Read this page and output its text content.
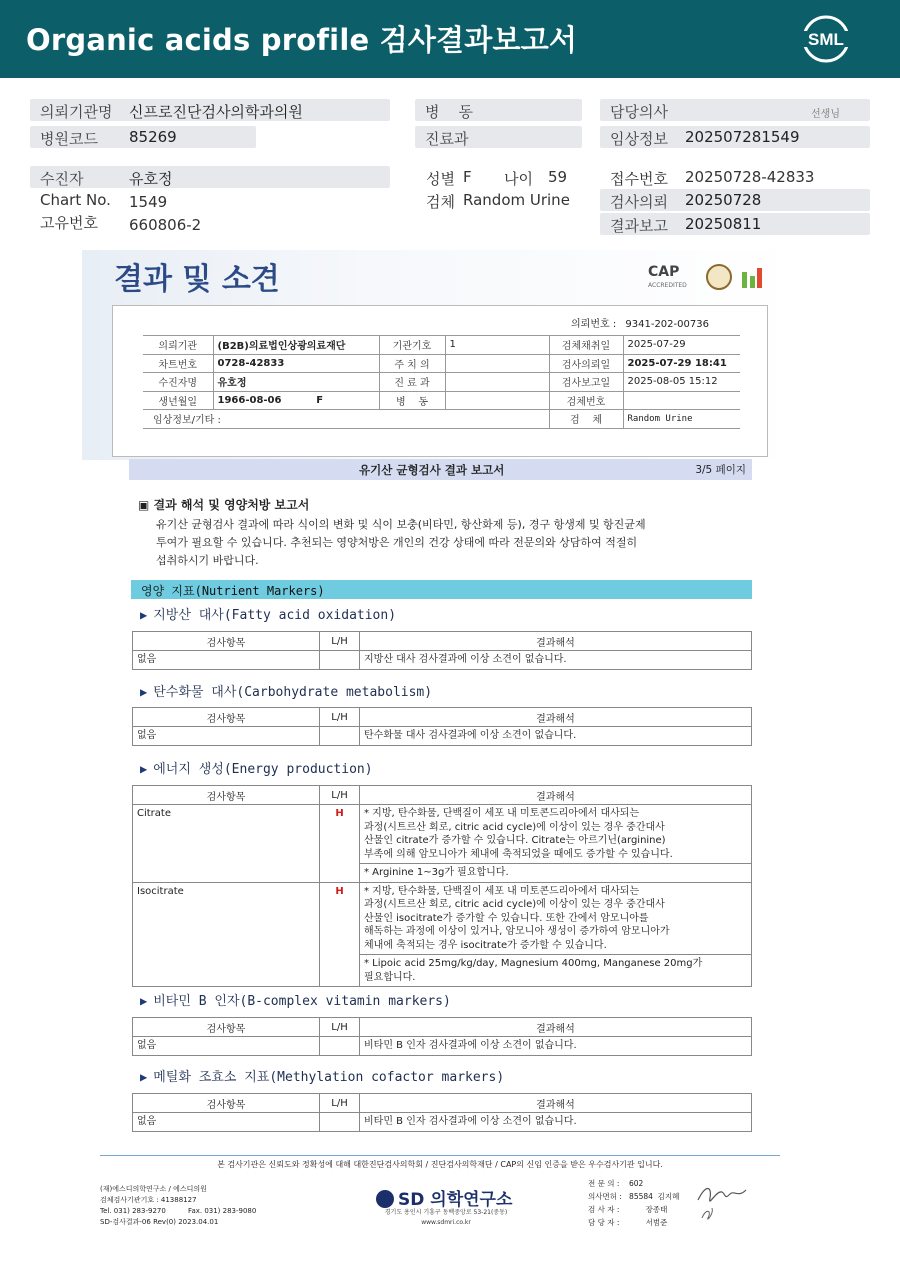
Organic acids profile 검사결과보고서	SML
의뢰기관명 신프로진단검사의학과의원
병원코드 85269
병    동
진료과
담당의사	선생님
임상정보 202507281549
수진자	유호정
Chart No. 1549
고유번호 660806-2
성별 F 나이 59
검체 Random Urine
접수번호 20250728-42833
검사의뢰 20250728
결과보고 20250811
결과 및 소견	CAP
ACCREDITED
의뢰번호 : 9341-202-00736
의뢰기관	(B2B)의료법인상광의료재단	기관기호	1	검체채취일	2025-07-29
차트번호	0728-42833	주 치 의		검사의뢰일	2025-07-29 18:41
수진자명	유호정	진 료 과		검사보고일	2025-08-05 15:12
생년월일	1966-08-06          F	병    동		검체번호	
임상정보/기타 :				검    체	Random Urine
유기산 균형검사 결과 보고서	3/5 페이지
▣ 결과 해석 및 영양처방 보고서
유기산 균형검사 결과에 따라 식이의 변화 및 식이 보충(비타민, 항산화제 등), 경구 항생제 및 항진균제
투여가 필요할 수 있습니다. 추천되는 영양처방은 개인의 건강 상태에 따라 전문의와 상담하여 적절히
섭취하시기 바랍니다.
영양 지표(Nutrient Markers)
▶ 지방산 대사(Fatty acid oxidation)
검사항목	L/H	결과해석
없음		지방산 대사 검사결과에 이상 소견이 없습니다.
▶ 탄수화물 대사(Carbohydrate metabolism)
검사항목	L/H	결과해석
없음		탄수화물 대사 검사결과에 이상 소견이 없습니다.
▶ 에너지 생성(Energy production)
검사항목	L/H	결과해석
Citrate	H	* 지방, 탄수화물, 단백질이 세포 내 미토콘드리아에서 대사되는
과정(시트르산 회로, citric acid cycle)에 이상이 있는 경우 중간대사
산물인 citrate가 증가할 수 있습니다. Citrate는 아르기닌(arginine)
부족에 의해 암모니아가 체내에 축적되었을 때에도 증가할 수 있습니다.

		* Arginine 1~3g가 필요합니다.
Isocitrate	H	* 지방, 탄수화물, 단백질이 세포 내 미토콘드리아에서 대사되는
과정(시트르산 회로, citric acid cycle)에 이상이 있는 경우 중간대사
산물인 isocitrate가 증가할 수 있습니다. 또한 간에서 암모니아를
해독하는 과정에 이상이 있거나, 암모니아 생성이 증가하여 암모니아가
체내에 축적되는 경우 isocitrate가 증가할 수 있습니다.

		* Lipoic acid 25mg/kg/day, Magnesium 400mg, Manganese 20mg가
필요합니다.
▶ 비타민 B 인자(B-complex vitamin markers)
검사항목	L/H	결과해석
없음		비타민 B 인자 검사결과에 이상 소견이 없습니다.
▶ 메틸화 조효소 지표(Methylation cofactor markers)
검사항목	L/H	결과해석
없음		비타민 B 인자 검사결과에 이상 소견이 없습니다.
본 검사기관은 신뢰도와 정확성에 대해 대한진단검사의학회 / 진단검사의학재단 / CAP의 신임 인증을 받은 우수검사기관 입니다.
(재)에스디의학연구소 / 에스디의원
검체검사기관기호 : 41388127
Tel. 031) 283-9270          Fax. 031) 283-9080
SD-검사결과-06 Rev(0) 2023.04.01
SD 의학연구소
경기도 용인시 기흥구 동백중앙로 53-21(중동)
www.sdmri.co.kr
전 문 의 :    602
의사면허 :   85584  김지혜
검 사 자 :           장종태
담 당 자 :           서범준
